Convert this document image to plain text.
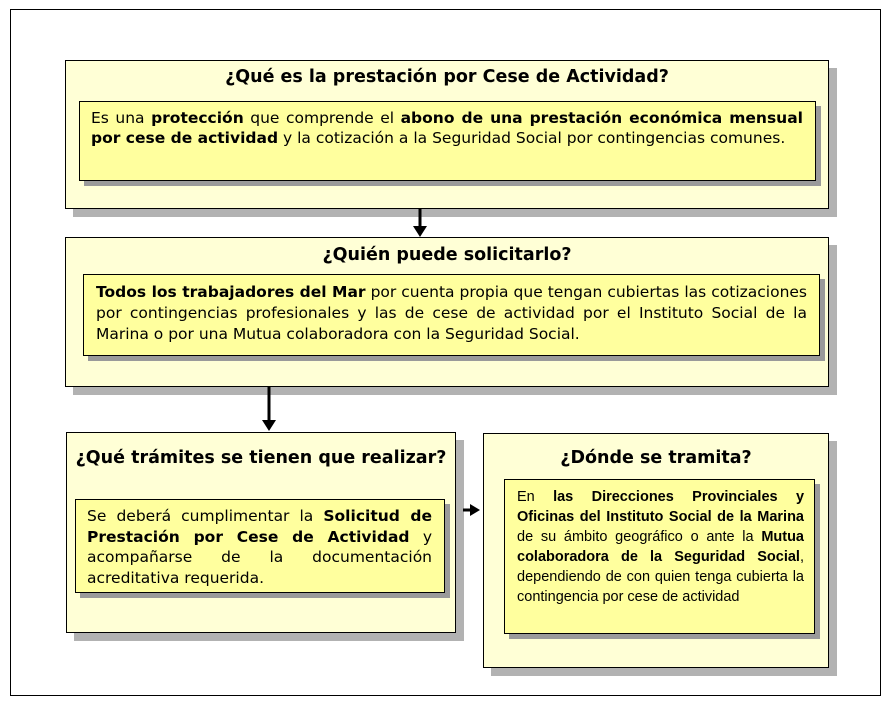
¿Qué es la prestación por Cese de Actividad?

Es una protección que comprende el abono de una prestación económica mensual por cese de actividad y la cotización a la Seguridad Social por contingencias comunes.

¿Quién puede solicitarlo?

Todos los trabajadores del Mar por cuenta propia que tengan cubiertas las cotizaciones por contingencias profesionales y las de cese de actividad por el Instituto Social de la Marina o por una Mutua colaboradora con la Seguridad Social.

¿Qué trámites se tienen que realizar?

Se deberá cumplimentar la Solicitud de Prestación por Cese de Actividad y acompañarse de la documentación acreditativa requerida.

¿Dónde se tramita?

En las Direcciones Provinciales y Oficinas del Instituto Social de la Marina de su ámbito geográfico o ante la Mutua colaboradora de la Seguridad Social, dependiendo de con quien tenga cubierta la contingencia por cese de actividad
